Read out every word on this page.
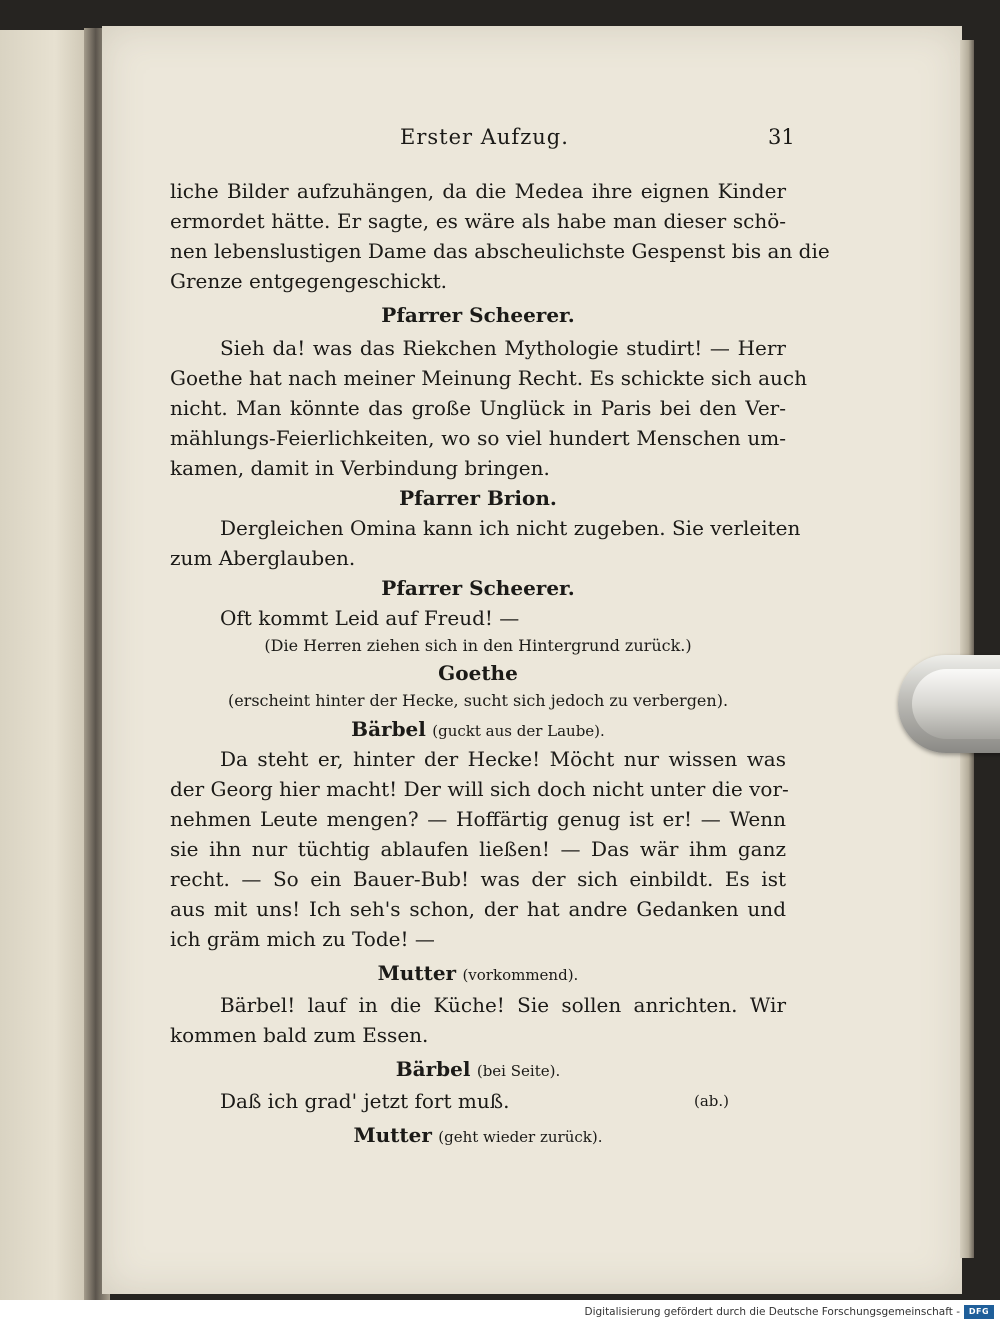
Erster Aufzug.	31
liche Bilder aufzuhängen, da die Medea ihre eignen Kinder
ermordet hätte. Er sagte, es wäre als habe man dieser schö-
nen lebenslustigen Dame das abscheulichste Gespenst bis an die
Grenze entgegengeschickt.
Pfarrer Scheerer.
Sieh da! was das Riekchen Mythologie studirt! — Herr
Goethe hat nach meiner Meinung Recht. Es schickte sich auch
nicht. Man könnte das große Unglück in Paris bei den Ver-
mählungs-Feierlichkeiten, wo so viel hundert Menschen um-
kamen, damit in Verbindung bringen.
Pfarrer Brion.
Dergleichen Omina kann ich nicht zugeben. Sie verleiten
zum Aberglauben.
Pfarrer Scheerer.
Oft kommt Leid auf Freud! —
(Die Herren ziehen sich in den Hintergrund zurück.)
Goethe
(erscheint hinter der Hecke, sucht sich jedoch zu verbergen).
Bärbel (guckt aus der Laube).
Da steht er, hinter der Hecke! Möcht nur wissen was
der Georg hier macht! Der will sich doch nicht unter die vor-
nehmen Leute mengen? — Hoffärtig genug ist er! — Wenn
sie ihn nur tüchtig ablaufen ließen! — Das wär ihm ganz
recht. — So ein Bauer-Bub! was der sich einbildt. Es ist
aus mit uns! Ich seh's schon, der hat andre Gedanken und
ich gräm mich zu Tode! —
Mutter (vorkommend).
Bärbel! lauf in die Küche! Sie sollen anrichten. Wir
kommen bald zum Essen.
Bärbel (bei Seite).
Daß ich grad' jetzt fort muß.	(ab.)
Mutter (geht wieder zurück).
Digitalisierung gefördert durch die Deutsche Forschungsgemeinschaft -	DFG
